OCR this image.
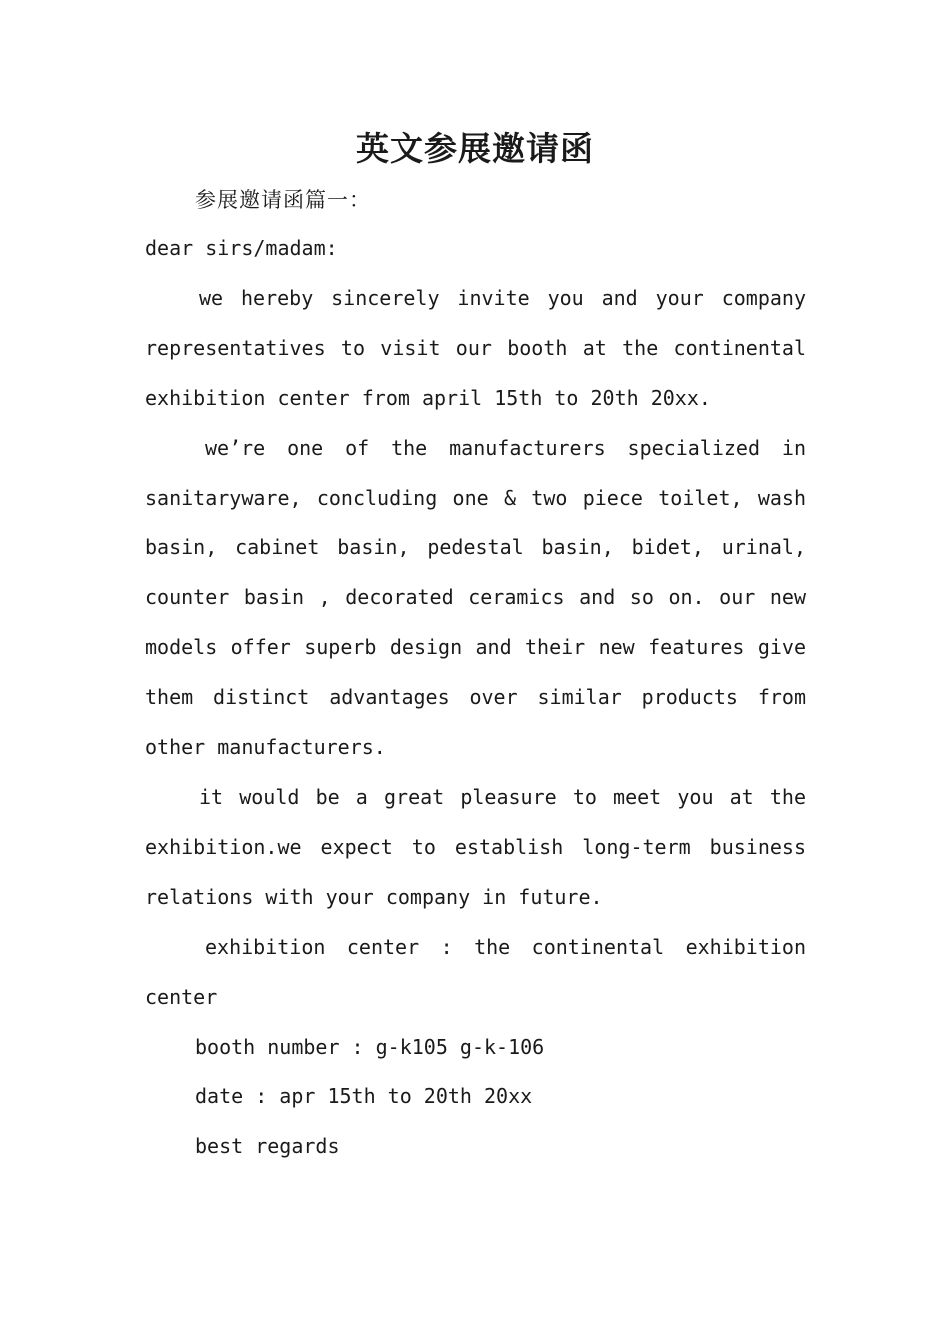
英文参展邀请函
参展邀请函篇一：

dear sirs/madam:

we hereby sincerely invite you and your company representatives to visit our booth at the continental exhibition center from april 15th to 20th 20xx.

we’re one of the manufacturers specialized in sanitaryware, concluding one & two piece toilet, wash basin, cabinet basin, pedestal basin, bidet, urinal, counter basin , decorated ceramics and so on. our new models offer superb design and their new features give them distinct advantages over similar products from other manufacturers.

it would be a great pleasure to meet you at the exhibition.we expect to establish long-term business relations with your company in future.

exhibition center : the continental exhibition center

booth number : g-k105 g-k-106

date : apr 15th to 20th 20xx

best regards
